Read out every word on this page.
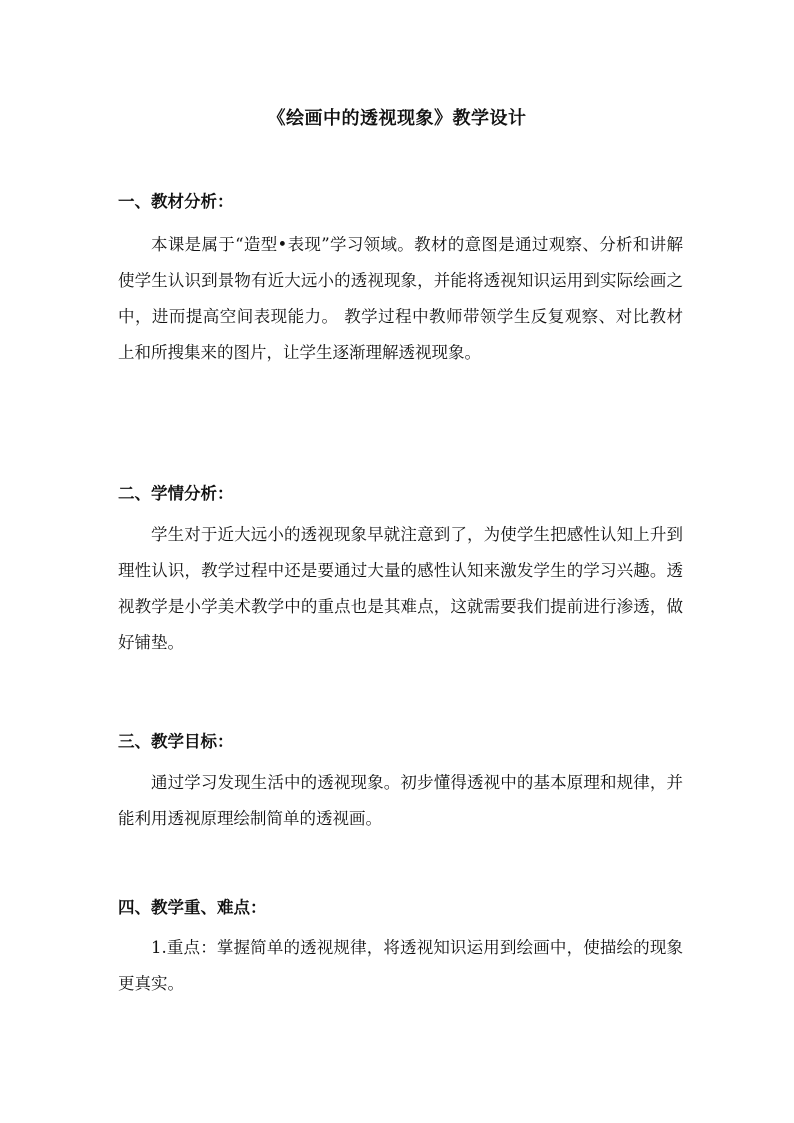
《绘画中的透视现象》教学设计
一、教材分析：
本课是属于“造型•表现”学习领域。教材的意图是通过观察、分析和讲解使学生认识到景物有近大远小的透视现象，并能将透视知识运用到实际绘画之中，进而提高空间表现能力。 教学过程中教师带领学生反复观察、对比教材上和所搜集来的图片，让学生逐渐理解透视现象。
二、学情分析：
学生对于近大远小的透视现象早就注意到了，为使学生把感性认知上升到理性认识，教学过程中还是要通过大量的感性认知来激发学生的学习兴趣。透视教学是小学美术教学中的重点也是其难点，这就需要我们提前进行渗透，做好铺垫。
三、教学目标：
通过学习发现生活中的透视现象。初步懂得透视中的基本原理和规律，并能利用透视原理绘制简单的透视画。
四、教学重、难点：
1.重点：掌握简单的透视规律，将透视知识运用到绘画中，使描绘的现象更真实。
